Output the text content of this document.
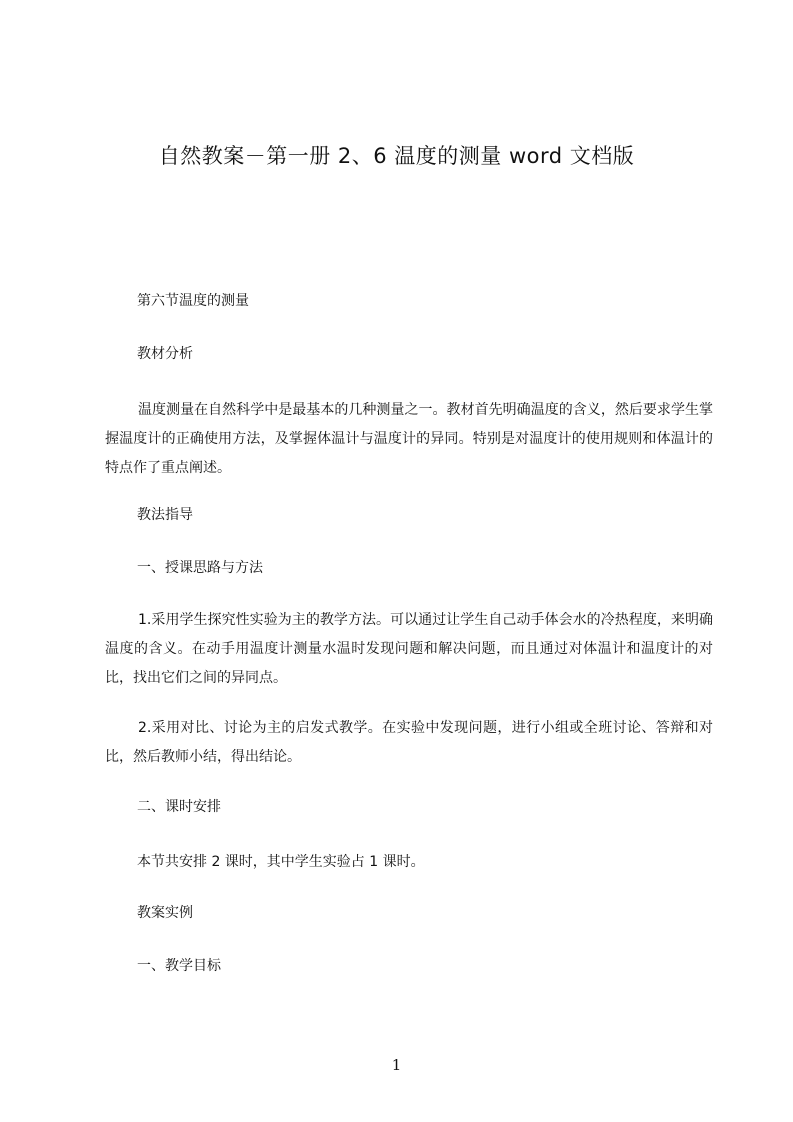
自然教案－第一册 2、6 温度的测量 word 文档版

第六节温度的测量

教材分析

温度测量在自然科学中是最基本的几种测量之一。教材首先明确温度的含义，然后要求学生掌握温度计的正确使用方法，及掌握体温计与温度计的异同。特别是对温度计的使用规则和体温计的特点作了重点阐述。

教法指导

一、授课思路与方法

1.采用学生探究性实验为主的教学方法。可以通过让学生自己动手体会水的冷热程度，来明确温度的含义。在动手用温度计测量水温时发现问题和解决问题，而且通过对体温计和温度计的对比，找出它们之间的异同点。

2.采用对比、讨论为主的启发式教学。在实验中发现问题，进行小组或全班讨论、答辩和对比，然后教师小结，得出结论。

二、课时安排

本节共安排 2 课时，其中学生实验占 1 课时。

教案实例

一、教学目标

1
